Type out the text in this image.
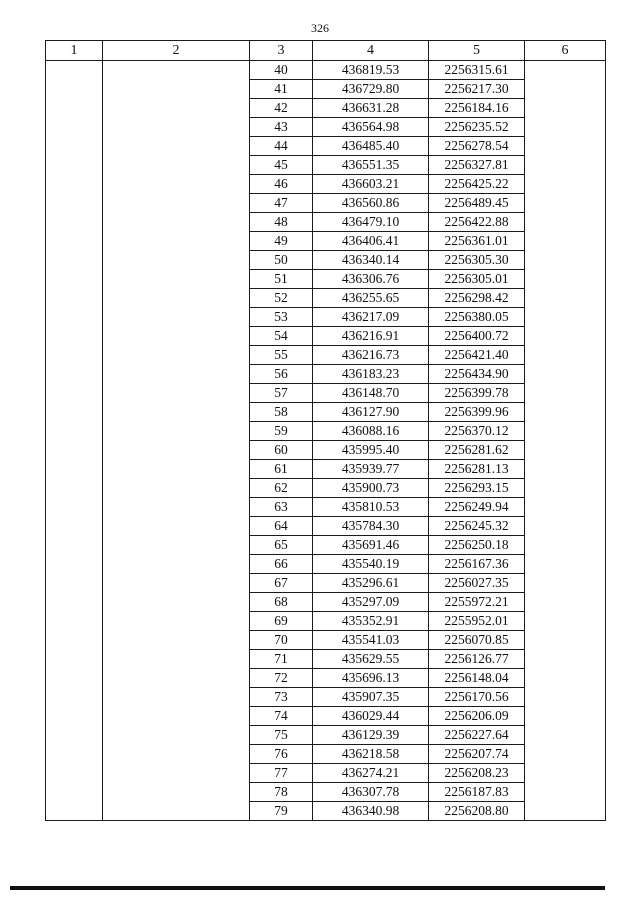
326
1	2	3	4	5	6
		40	436819.53	2256315.61	
		41	436729.80	2256217.30	
		42	436631.28	2256184.16	
		43	436564.98	2256235.52	
		44	436485.40	2256278.54	
		45	436551.35	2256327.81	
		46	436603.21	2256425.22	
		47	436560.86	2256489.45	
		48	436479.10	2256422.88	
		49	436406.41	2256361.01	
		50	436340.14	2256305.30	
		51	436306.76	2256305.01	
		52	436255.65	2256298.42	
		53	436217.09	2256380.05	
		54	436216.91	2256400.72	
		55	436216.73	2256421.40	
		56	436183.23	2256434.90	
		57	436148.70	2256399.78	
		58	436127.90	2256399.96	
		59	436088.16	2256370.12	
		60	435995.40	2256281.62	
		61	435939.77	2256281.13	
		62	435900.73	2256293.15	
		63	435810.53	2256249.94	
		64	435784.30	2256245.32	
		65	435691.46	2256250.18	
		66	435540.19	2256167.36	
		67	435296.61	2256027.35	
		68	435297.09	2255972.21	
		69	435352.91	2255952.01	
		70	435541.03	2256070.85	
		71	435629.55	2256126.77	
		72	435696.13	2256148.04	
		73	435907.35	2256170.56	
		74	436029.44	2256206.09	
		75	436129.39	2256227.64	
		76	436218.58	2256207.74	
		77	436274.21	2256208.23	
		78	436307.78	2256187.83	
		79	436340.98	2256208.80	
